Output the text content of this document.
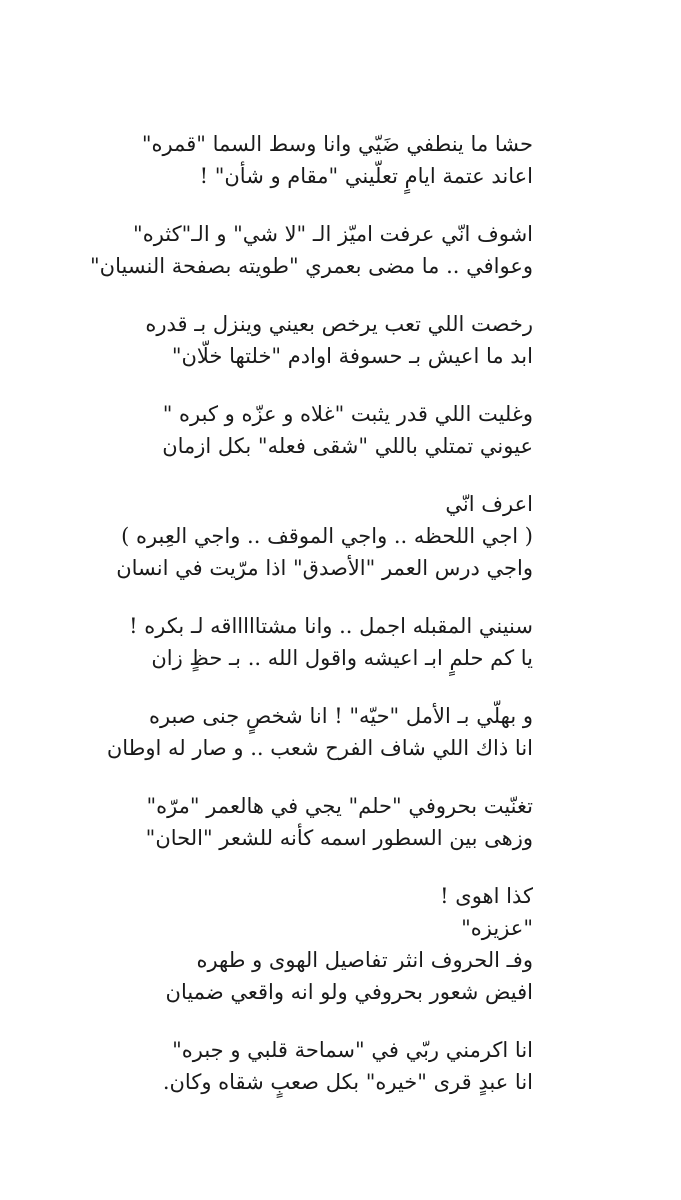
حشا ما ينطفي ضَيّي وانا وسط السما "قمره"
اعاند عتمة ايامٍ تعلّيني "مقام و شأن" !
اشوف انّي عرفت اميّز الـ "لا شي" و الـ"كثره"
وعوافي .. ما مضى بعمري "طويته بصفحة النسيان"
رخصت اللي تعب يرخص بعيني وينزل بـ قدره
ابد ما اعيش بـ حسوفة اوادم "خلتها خلّان"
وغليت اللي قدر يثبت "غلاه و عزّه و كبره "
عيوني تمتلي باللي "شقى فعله" بكل ازمان
اعرف انّي
( اجي اللحظه .. واجي الموقف .. واجي العِبره )
واجي درس العمر "الأصدق" اذا مرّيت في انسان
سنيني المقبله اجمل .. وانا مشتاااااقه لـ بكره !
يا كم حلمٍ ابـ اعيشه واقول الله .. بـ حظٍ زان
و بهلّي بـ الأمل "حيّه" ! انا شخصٍ جنى صبره
انا ذاك اللي شاف الفرح شعب .. و صار له اوطان
تغنّيت بحروفي "حلم" يجي في هالعمر "مرّه"
وزهى بين السطور اسمه كأنه للشعر "الحان"
كذا اهوى !
"عزيزه"
وفـ الحروف انثر تفاصيل الهوى و طهره
افيض شعور بحروفي ولو انه واقعي ضميان
انا اكرمني ربّي في "سماحة قلبي و جبره"
انا عبدٍ قرى "خيره" بكل صعبٍ شقاه وكان.
